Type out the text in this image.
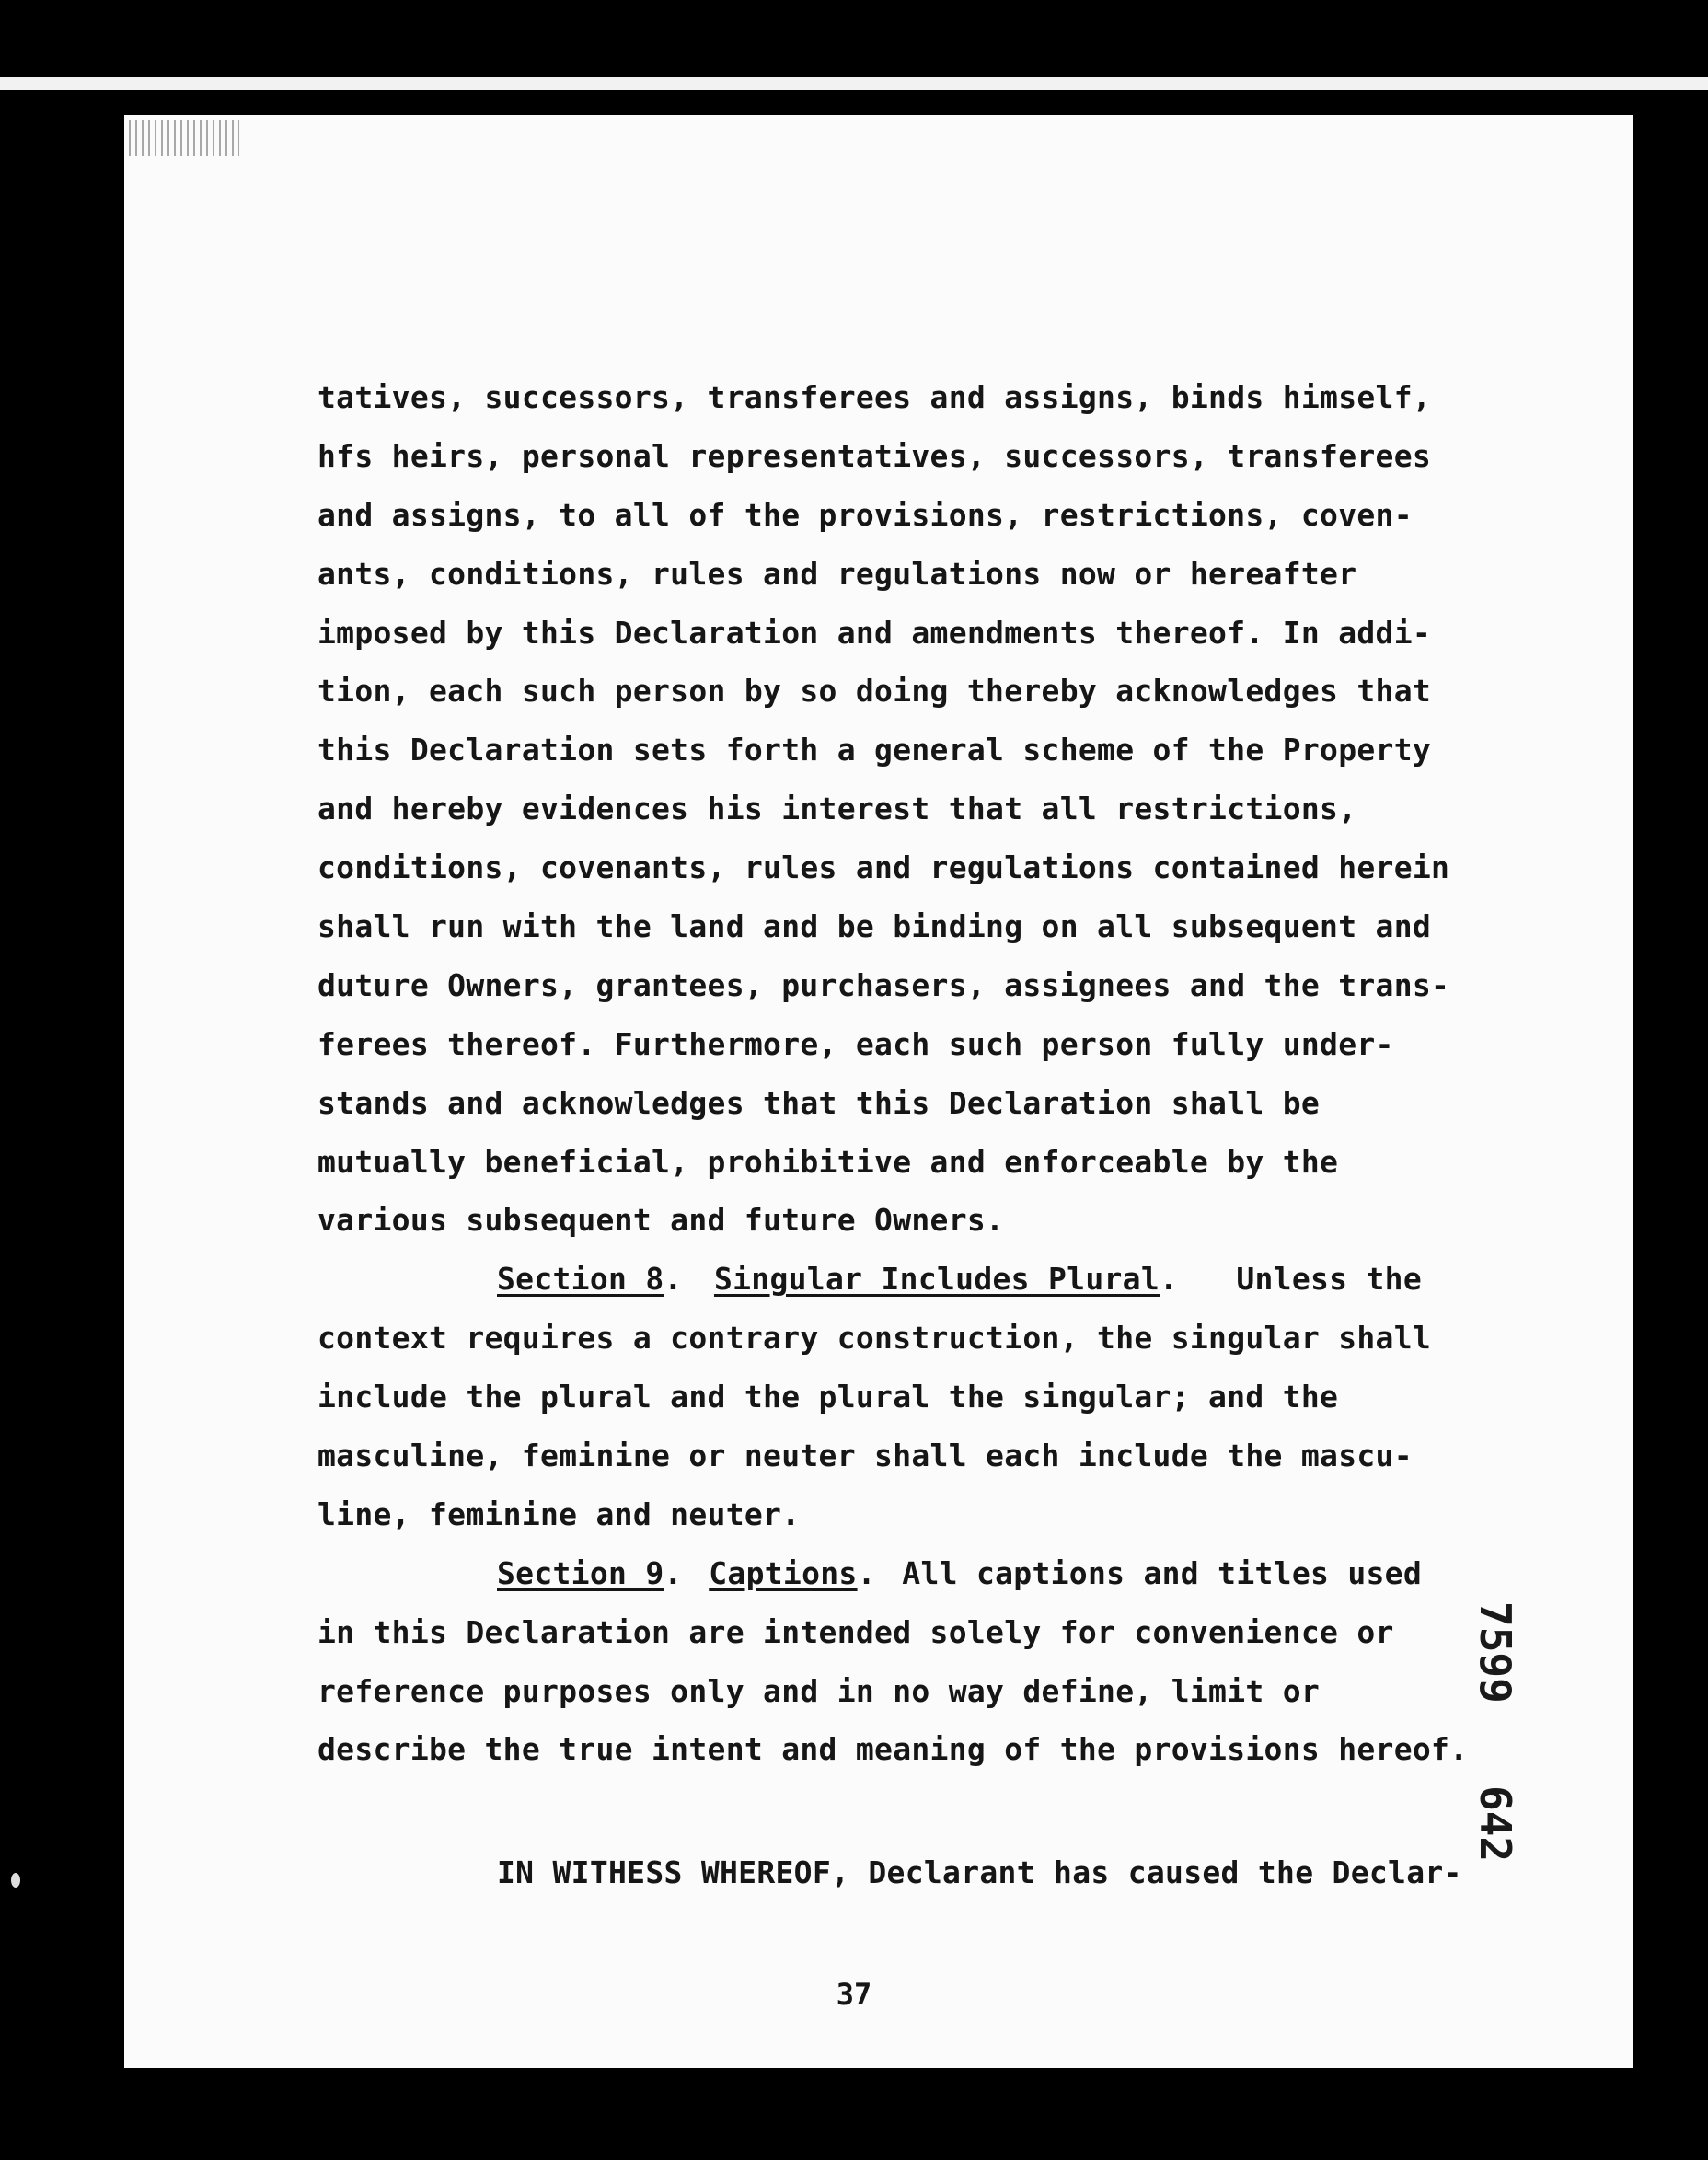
tatives, successors, transferees and assigns, binds himself,
hfs heirs, personal representatives, successors, transferees
and assigns, to all of the provisions, restrictions, coven-
ants, conditions, rules and regulations now or hereafter
imposed by this Declaration and amendments thereof. In addi-
tion, each such person by so doing thereby acknowledges that
this Declaration sets forth a general scheme of the Property
and hereby evidences his interest that all restrictions,
conditions, covenants, rules and regulations contained herein
shall run with the land and be binding on all subsequent and
duture Owners, grantees, purchasers, assignees and the trans-
ferees thereof. Furthermore, each such person fully under-
stands and acknowledges that this Declaration shall be
mutually beneficial, prohibitive and enforceable by the
various subsequent and future Owners.
Section 8 . Singular Includes Plural . Unless the
context requires a contrary construction, the singular shall
include the plural and the plural the singular; and the
masculine, feminine or neuter shall each include the mascu-
line, feminine and neuter.
Section 9 . Captions . All captions and titles used
in this Declaration are intended solely for convenience or
reference purposes only and in no way define, limit or
describe the true intent and meaning of the provisions hereof.
IN WITHESS WHEREOF, Declarant has caused the Declar-
7599
642
37
